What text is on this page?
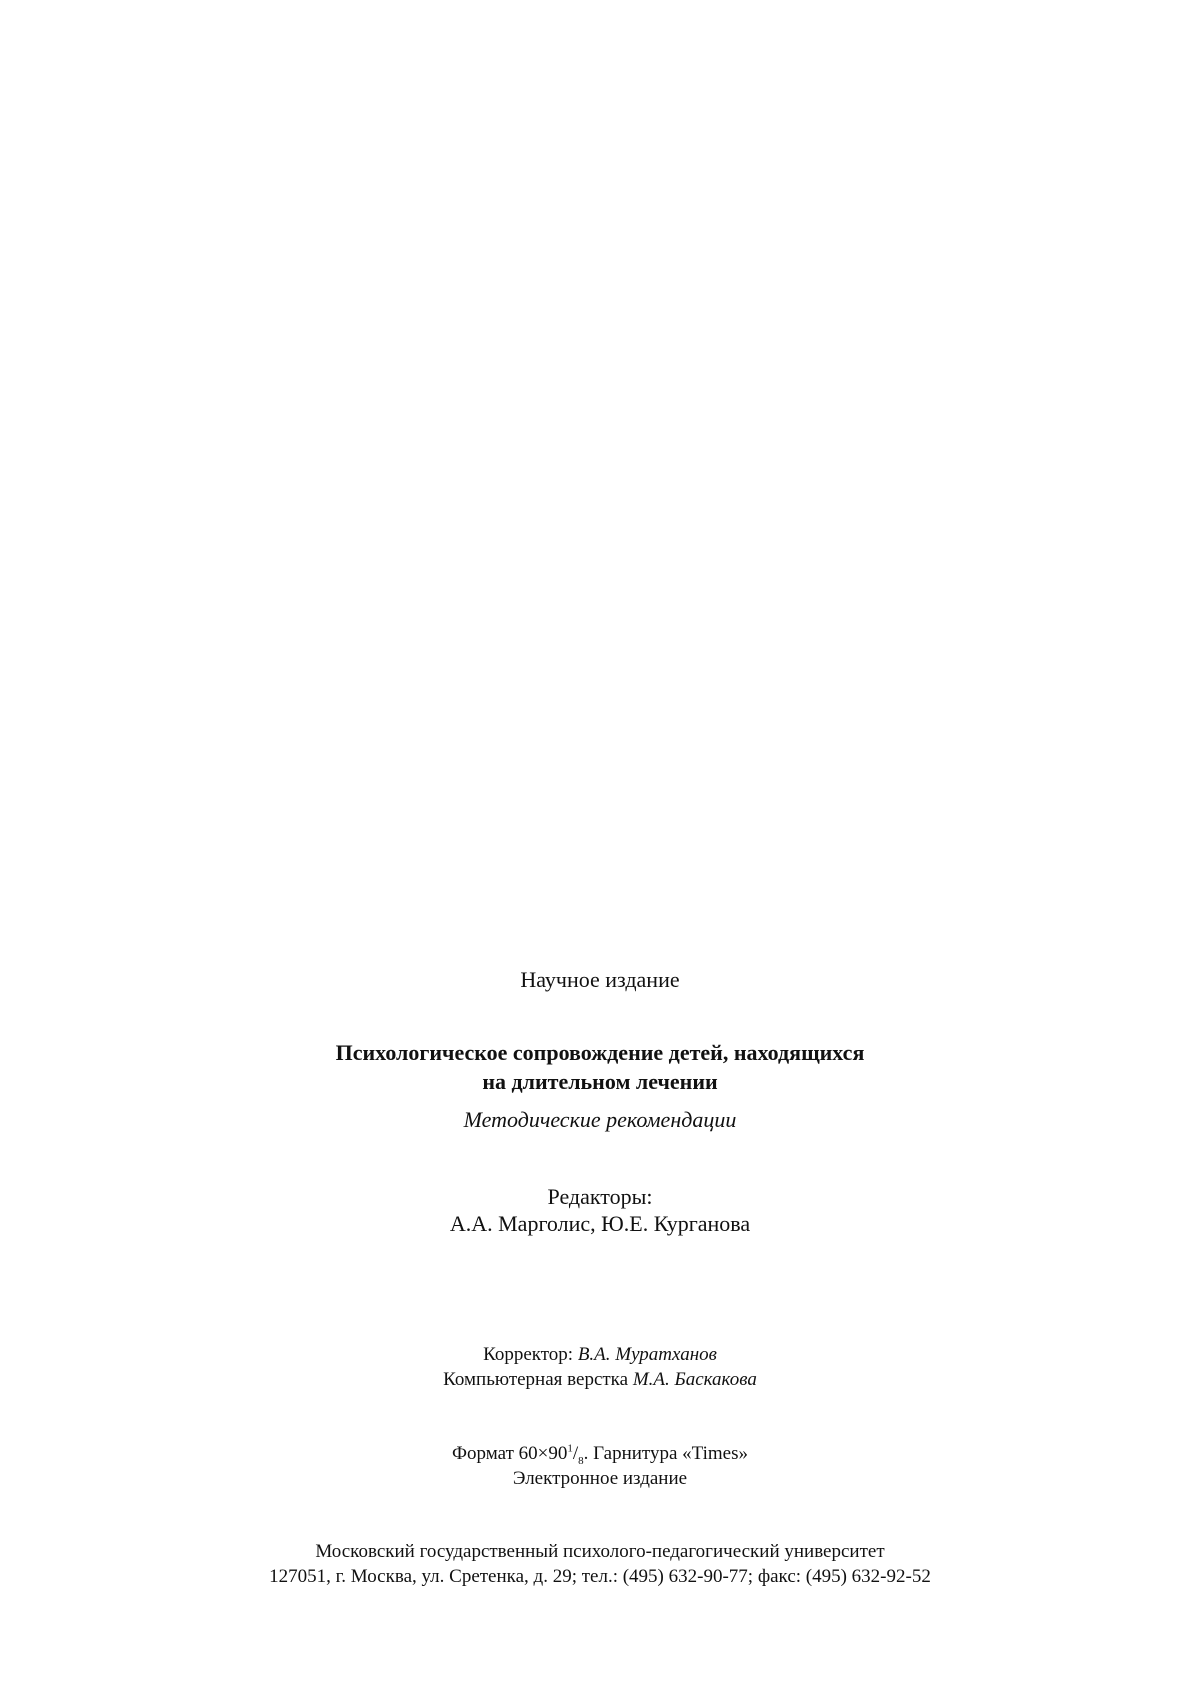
Научное издание
Психологическое сопровождение детей, находящихся
на длительном лечении
Методические рекомендации
Редакторы:
А.А. Марголис, Ю.Е. Курганова
Корректор: В.А. Муратханов
Компьютерная верстка М.А. Баскакова
Формат $60\times 90^1/_8$. Гарнитура «Times»
Электронное издание
Московский государственный психолого-педагогический университет
127051, г. Москва, ул. Сретенка, д. 29; тел.: (495) 632-90-77; факс: (495) 632-92-52
